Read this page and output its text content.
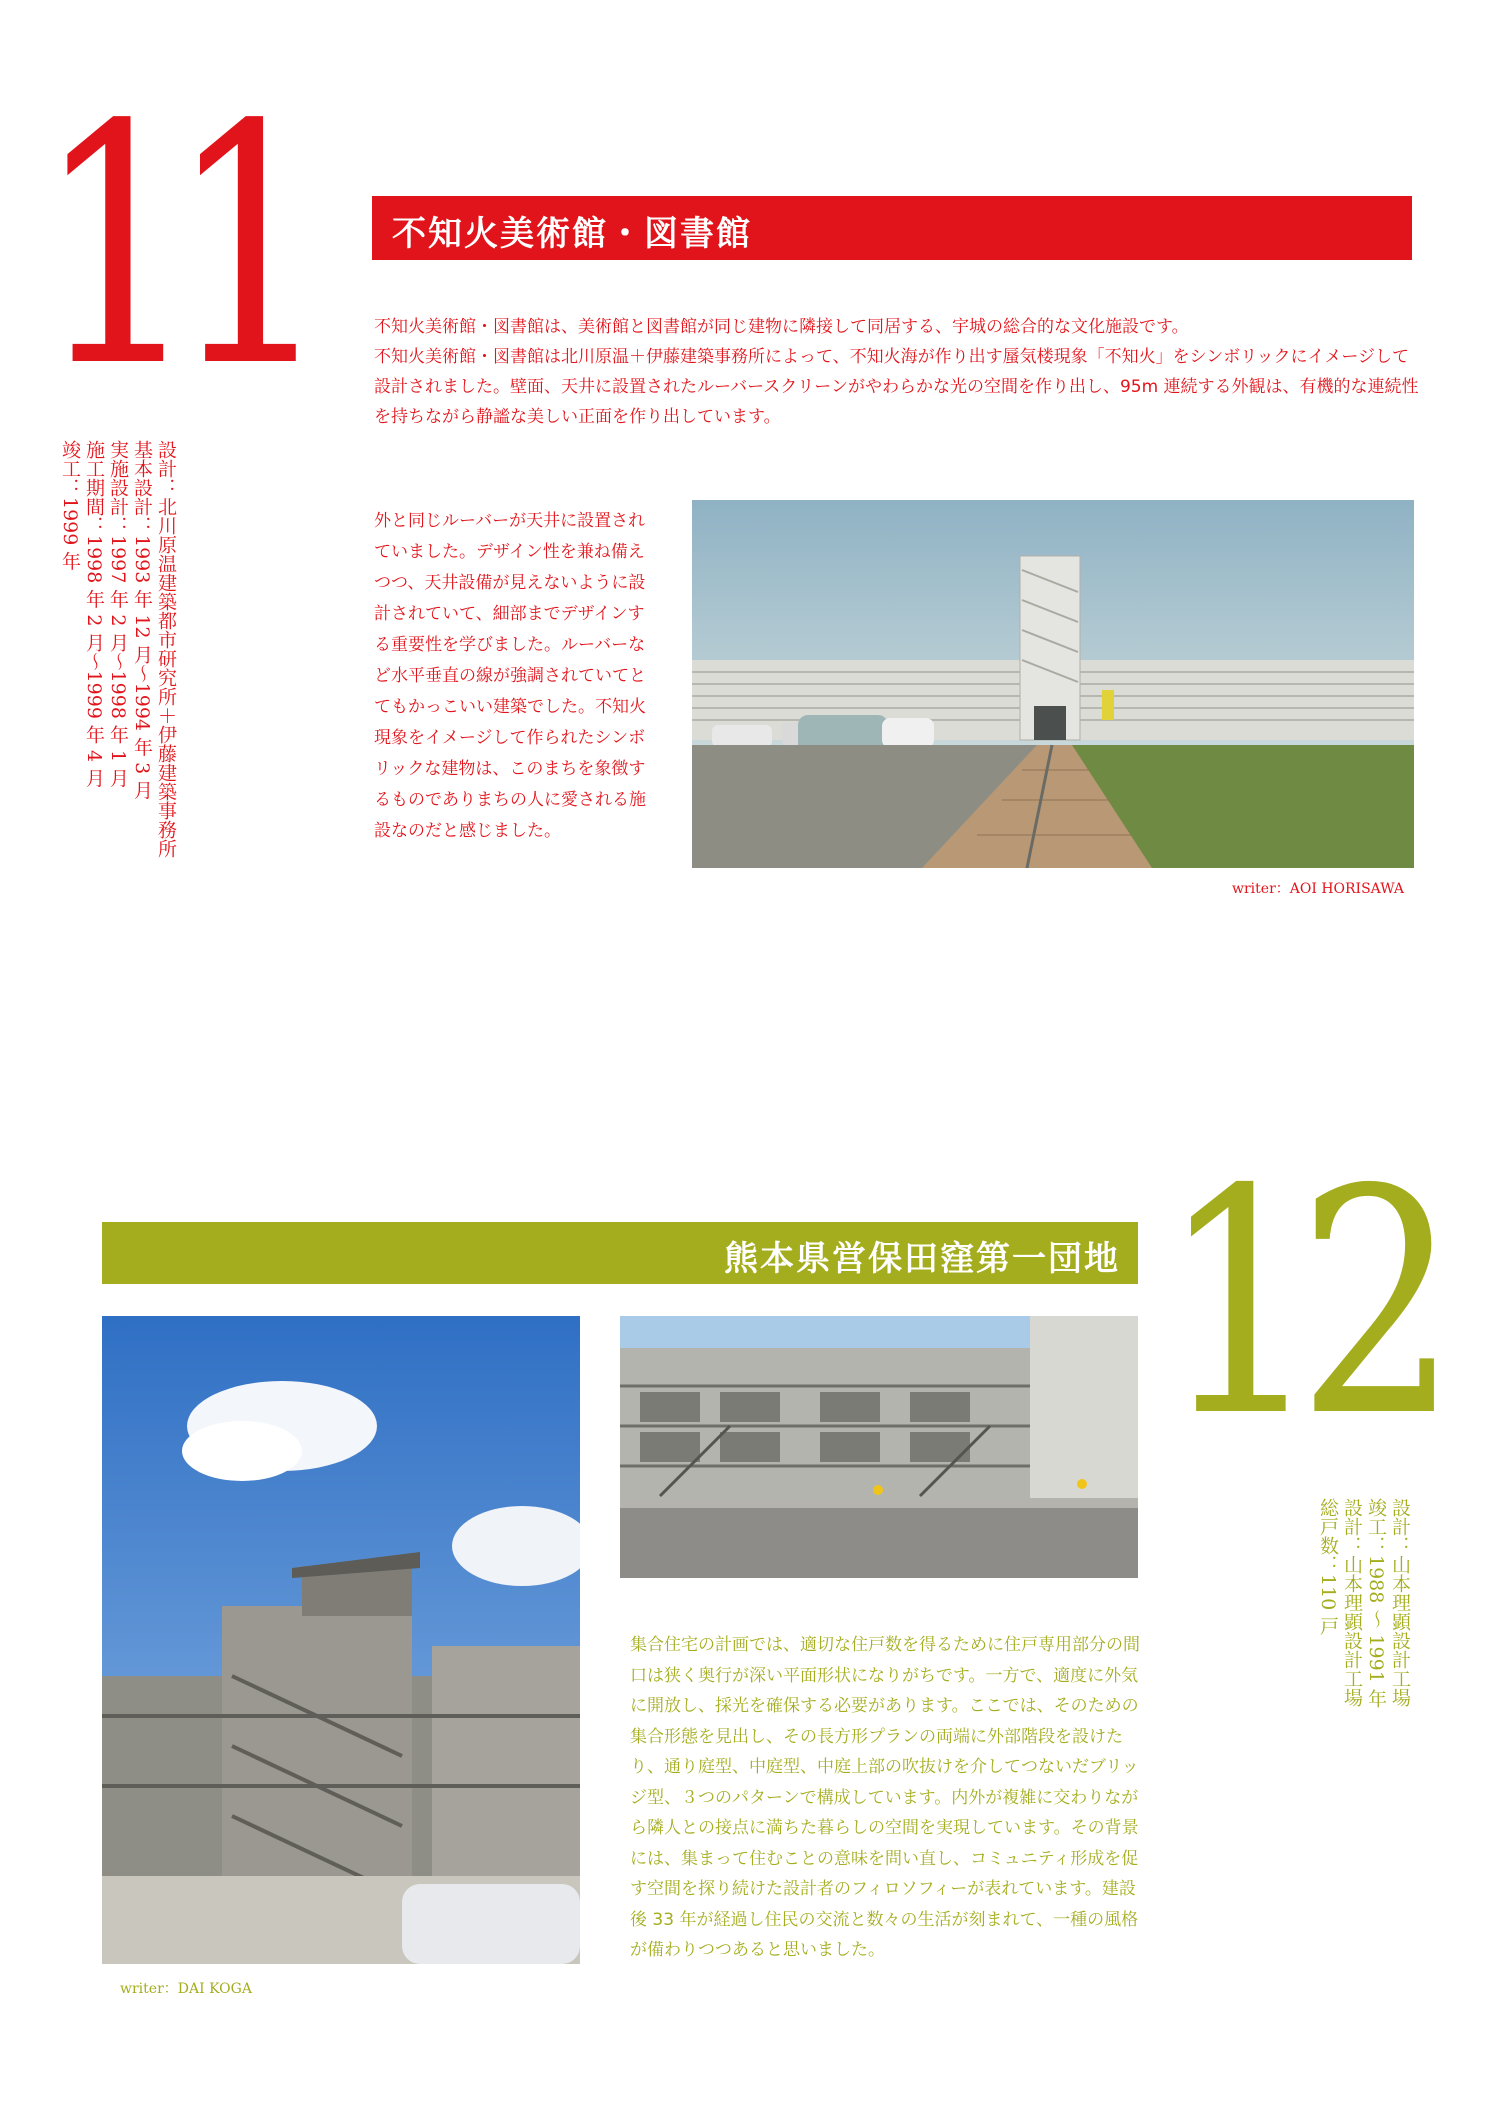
11	不知火美術館・図書館

不知火美術館・図書館は、美術館と図書館が同じ建物に隣接して同居する、宇城の総合的な文化施設です。

不知火美術館・図書館は北川原温＋伊藤建築事務所によって、不知火海が作り出す蜃気楼現象「不知火」をシンボリックにイメージして設計されました。壁面、天井に設置されたルーバースクリーンがやわらかな光の空間を作り出し、95m 連続する外観は、有機的な連続性を持ちながら静謐な美しい正面を作り出しています。

設計：北川原温建築都市研究所＋伊藤建築事務所
基本設計：1993 年 12 月〜1994 年 3 月
実施設計：1997 年 2 月〜1998 年 1 月
施工期間：1998 年 2 月〜1999 年 4 月
竣工：1999 年	外と同じルーバーが天井に設置されていました。デザイン性を兼ね備えつつ、天井設備が見えないように設計されていて、細部までデザインする重要性を学びました。ルーバーなど水平垂直の線が強調されていてとてもかっこいい建築でした。不知火現象をイメージして作られたシンボリックな建物は、このまちを象徴するものでありまちの人に愛される施設なのだと感じました。
writer：AOI HORISAWA
熊本県営保田窪第一団地 12
設計：山本理顕設計工場
竣工：1988 〜 1991 年
設計：山本理顕設計工場
総戸数：110 戸
集合住宅の計画では、適切な住戸数を得るために住戸専用部分の間口は狭く奥行が深い平面形状になりがちです。一方で、適度に外気に開放し、採光を確保する必要があります。ここでは、そのための集合形態を見出し、その長方形プランの両端に外部階段を設けたり、通り庭型、中庭型、中庭上部の吹抜けを介してつないだブリッジ型、３つのパターンで構成しています。内外が複雑に交わりながら隣人との接点に満ちた暮らしの空間を実現しています。その背景には、集まって住むことの意味を問い直し、コミュニティ形成を促す空間を探り続けた設計者のフィロソフィーが表れています。建設後 33 年が経過し住民の交流と数々の生活が刻まれて、一種の風格が備わりつつあると思いました。
writer：DAI KOGA
